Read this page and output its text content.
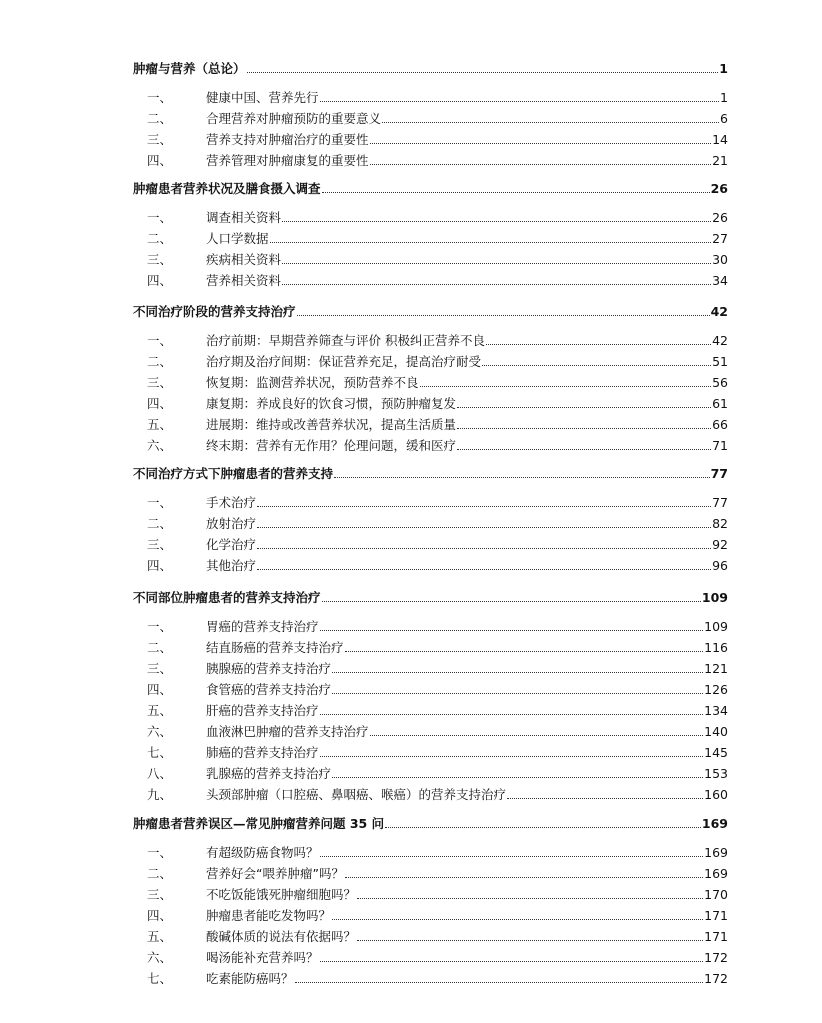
肿瘤与营养（总论）	1
一、	健康中国、营养先行	1
二、	合理营养对肿瘤预防的重要意义	6
三、	营养支持对肿瘤治疗的重要性	14
四、	营养管理对肿瘤康复的重要性	21
肿瘤患者营养状况及膳食摄入调查	26
一、	调查相关资料	26
二、	人口学数据	27
三、	疾病相关资料	30
四、	营养相关资料	34
不同治疗阶段的营养支持治疗	42
一、	治疗前期：早期营养筛查与评价 积极纠正营养不良	42
二、	治疗期及治疗间期：保证营养充足，提高治疗耐受	51
三、	恢复期：监测营养状况，预防营养不良	56
四、	康复期：养成良好的饮食习惯，预防肿瘤复发	61
五、	进展期：维持或改善营养状况，提高生活质量	66
六、	终末期：营养有无作用？伦理问题，缓和医疗	71
不同治疗方式下肿瘤患者的营养支持	77
一、	手术治疗	77
二、	放射治疗	82
三、	化学治疗	92
四、	其他治疗	96
不同部位肿瘤患者的营养支持治疗	109
一、	胃癌的营养支持治疗	109
二、	结直肠癌的营养支持治疗	116
三、	胰腺癌的营养支持治疗	121
四、	食管癌的营养支持治疗	126
五、	肝癌的营养支持治疗	134
六、	血液淋巴肿瘤的营养支持治疗	140
七、	肺癌的营养支持治疗	145
八、	乳腺癌的营养支持治疗	153
九、	头颈部肿瘤（口腔癌、鼻咽癌、喉癌）的营养支持治疗	160
肿瘤患者营养误区—常见肿瘤营养问题 35 问	169
一、	有超级防癌食物吗？	169
二、	营养好会“喂养肿瘤”吗？	169
三、	不吃饭能饿死肿瘤细胞吗？	170
四、	肿瘤患者能吃发物吗？	171
五、	酸碱体质的说法有依据吗？	171
六、	喝汤能补充营养吗？	172
七、	吃素能防癌吗？	172
